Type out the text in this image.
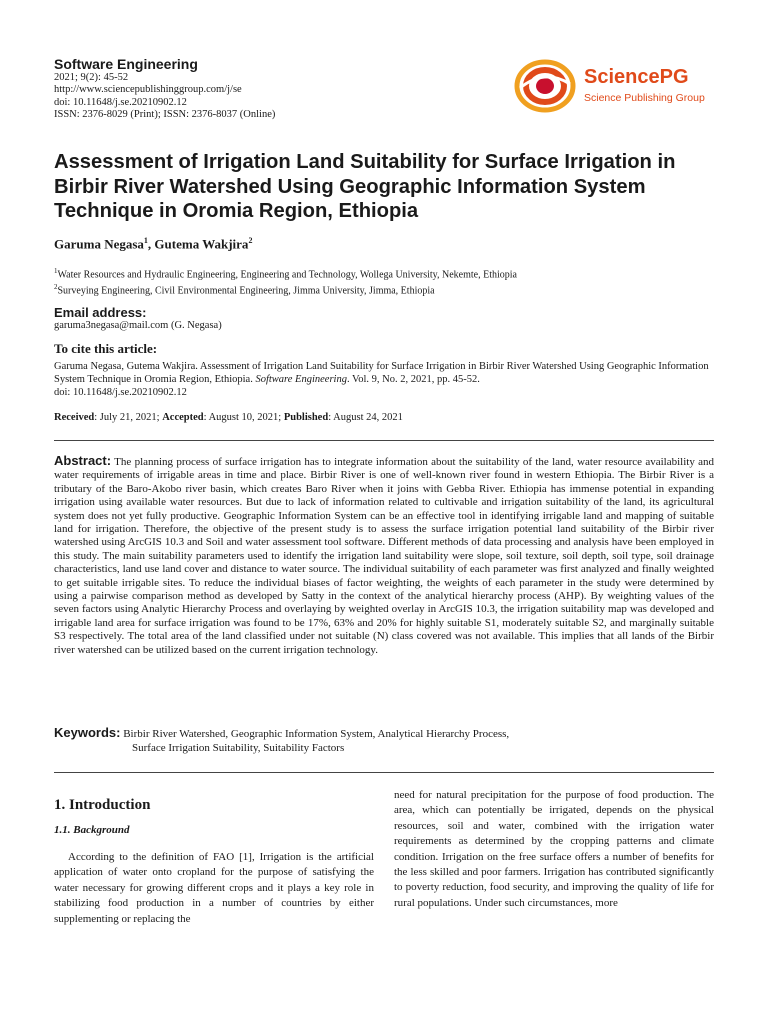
Software Engineering
2021; 9(2): 45-52
http://www.sciencepublishinggroup.com/j/se
doi: 10.11648/j.se.20210902.12
ISSN: 2376-8029 (Print); ISSN: 2376-8037 (Online)
SciencePG
Science Publishing Group
Assessment of Irrigation Land Suitability for Surface Irrigation in Birbir River Watershed Using Geographic Information System Technique in Oromia Region, Ethiopia
Garuma Negasa$^1$, Gutema Wakjira$^2$
$^1$Water Resources and Hydraulic Engineering, Engineering and Technology, Wollega University, Nekemte, Ethiopia
$^2$Surveying Engineering, Civil Environmental Engineering, Jimma University, Jimma, Ethiopia
Email address:
garuma3negasa@mail.com (G. Negasa)
To cite this article:
Garuma Negasa, Gutema Wakjira. Assessment of Irrigation Land Suitability for Surface Irrigation in Birbir River Watershed Using Geographic Information System Technique in Oromia Region, Ethiopia. Software Engineering. Vol. 9, No. 2, 2021, pp. 45-52.
doi: 10.11648/j.se.20210902.12
Received: July 21, 2021; Accepted: August 10, 2021; Published: August 24, 2021
Abstract: The planning process of surface irrigation has to integrate information about the suitability of the land, water resource availability and water requirements of irrigable areas in time and place. Birbir River is one of well-known river found in western Ethiopia. The Birbir River is a tributary of the Baro-Akobo river basin, which creates Baro River when it joins with Gebba River. Ethiopia has immense potential in expanding irrigation using available water resources. But due to lack of information related to cultivable and irrigation suitability of the land, its agricultural system does not yet fully productive. Geographic Information System can be an effective tool in identifying irrigable land and mapping of suitable land for irrigation. Therefore, the objective of the present study is to assess the surface irrigation potential land suitability of the Birbir river watershed using ArcGIS 10.3 and Soil and water assessment tool software. Different methods of data processing and analysis have been employed in this study. The main suitability parameters used to identify the irrigation land suitability were slope, soil texture, soil depth, soil type, soil drainage characteristics, land use land cover and distance to water source. The individual suitability of each parameter was first analyzed and finally weighted to get suitable irrigable sites. To reduce the individual biases of factor weighting, the weights of each parameter in the study were determined by using a pairwise comparison method as developed by Satty in the context of the analytical hierarchy process (AHP). By weighting values of the seven factors using Analytic Hierarchy Process and overlaying by weighted overlay in ArcGIS 10.3, the irrigation suitability map was developed and irrigable land area for surface irrigation was found to be 17%, 63% and 20% for highly suitable S1, moderately suitable S2, and marginally suitable S3 respectively. The total area of the land classified under not suitable (N) class covered was not available. This implies that all lands of the Birbir river watershed can be utilized based on the current irrigation technology.
Keywords: Birbir River Watershed, Geographic Information System, Analytical Hierarchy Process,
Surface Irrigation Suitability, Suitability Factors
1. Introduction
1.1. Background
According to the definition of FAO [1], Irrigation is the artificial application of water onto cropland for the purpose of satisfying the water necessary for growing different crops and it plays a key role in stabilizing food production in a number of countries by either supplementing or replacing the
need for natural precipitation for the purpose of food production. The area, which can potentially be irrigated, depends on the physical resources, soil and water, combined with the irrigation water requirements as determined by the cropping patterns and climate condition. Irrigation on the free surface offers a number of benefits for the less skilled and poor farmers. Irrigation has contributed significantly to poverty reduction, food security, and improving the quality of life for rural populations. Under such circumstances, more
